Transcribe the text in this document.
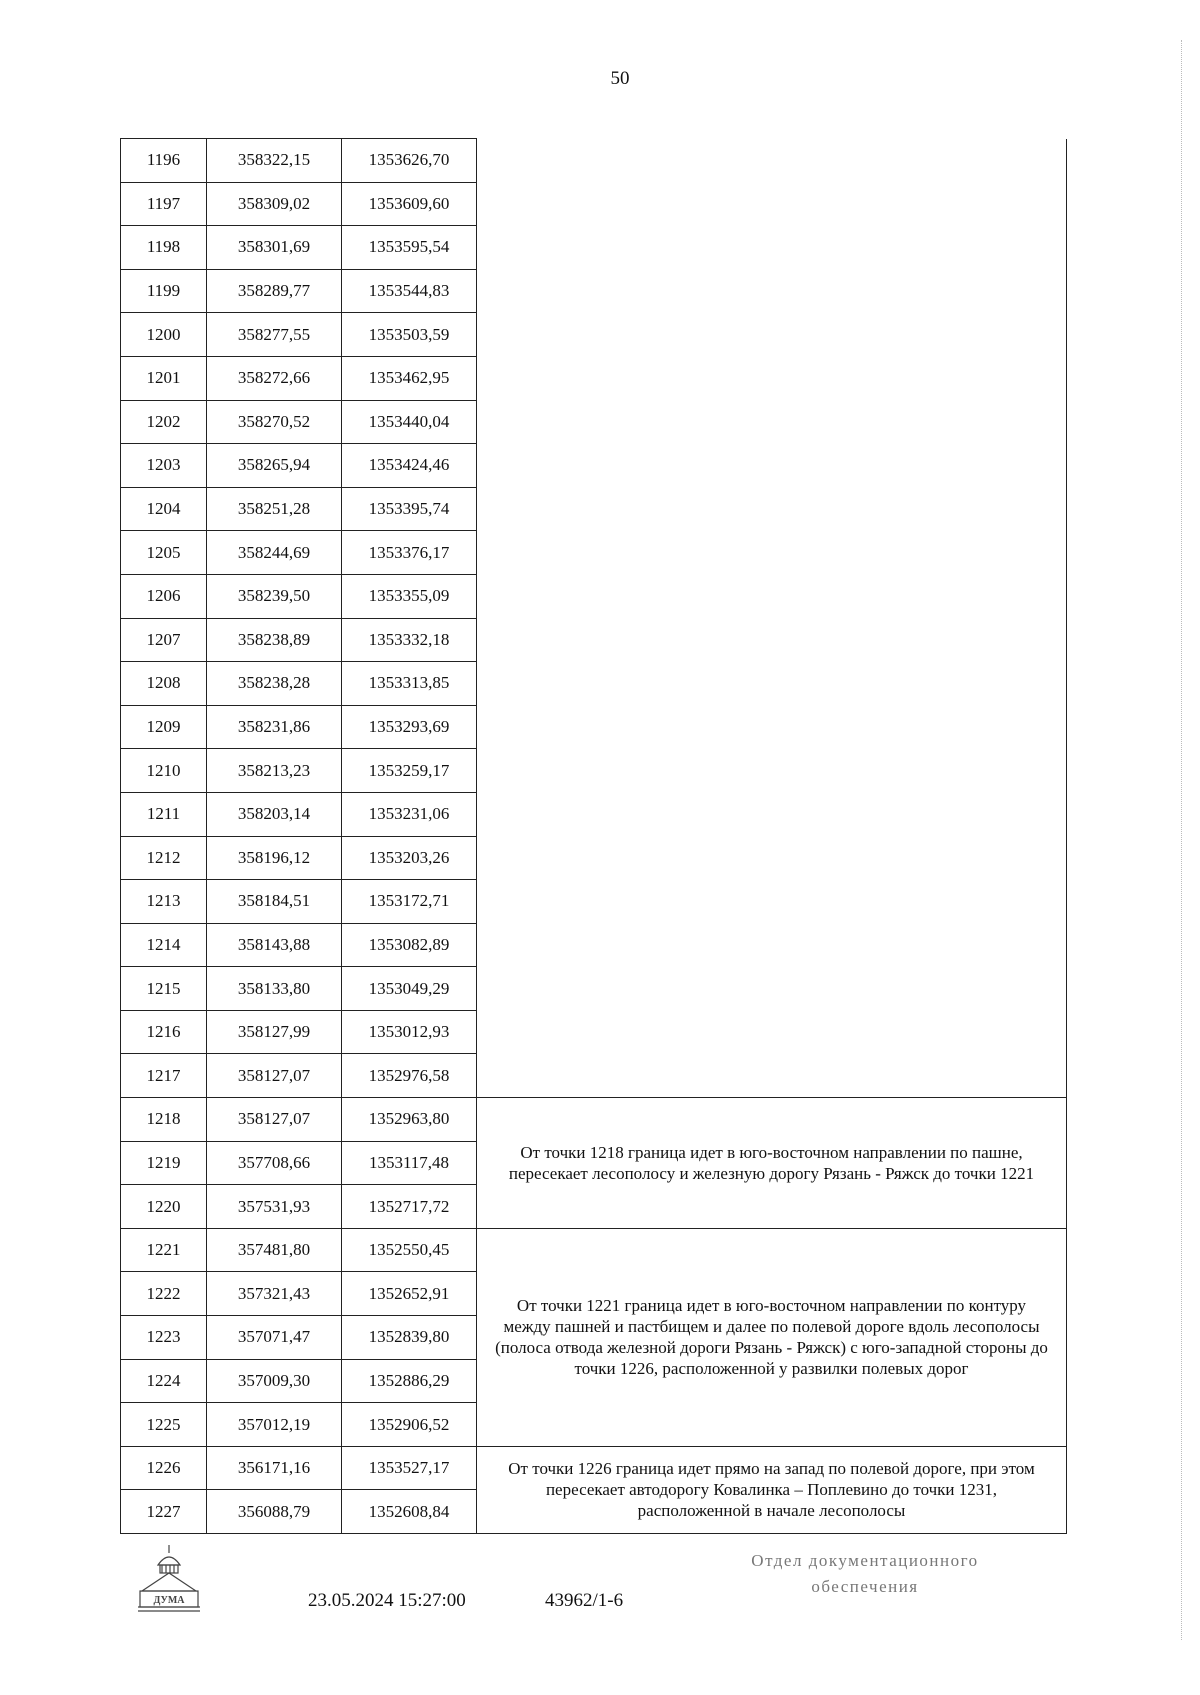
50
1196	358322,15	1353626,70	
1197	358309,02	1353609,60	
1198	358301,69	1353595,54	
1199	358289,77	1353544,83	
1200	358277,55	1353503,59	
1201	358272,66	1353462,95	
1202	358270,52	1353440,04	
1203	358265,94	1353424,46	
1204	358251,28	1353395,74	
1205	358244,69	1353376,17	
1206	358239,50	1353355,09	
1207	358238,89	1353332,18	
1208	358238,28	1353313,85	
1209	358231,86	1353293,69	
1210	358213,23	1353259,17	
1211	358203,14	1353231,06	
1212	358196,12	1353203,26	
1213	358184,51	1353172,71	
1214	358143,88	1353082,89	
1215	358133,80	1353049,29	
1216	358127,99	1353012,93	
1217	358127,07	1352976,58	
1218	358127,07	1352963,80	От точки 1218 граница идет в юго-восточном направлении по пашне, пересекает лесополосу и железную дорогу Рязань - Ряжск до точки 1221
1219	357708,66	1353117,48	
1220	357531,93	1352717,72	
1221	357481,80	1352550,45	От точки 1221 граница идет в юго-восточном направлении по контуру между пашней и пастбищем и далее по полевой дороге вдоль лесополосы (полоса отвода железной дороги Рязань - Ряжск) с юго-западной стороны до точки 1226, расположенной у развилки полевых дорог
1222	357321,43	1352652,91	
1223	357071,47	1352839,80	
1224	357009,30	1352886,29	
1225	357012,19	1352906,52	
1226	356171,16	1353527,17	От точки 1226 граница идет прямо на запад по полевой дороге, при этом пересекает автодорогу Ковалинка – Поплевино до точки 1231, расположенной в начале лесополосы
1227	356088,79	1352608,84	
ДУМА	23.05.2024 15:27:00	43962/1-6
Отдел документационного
обеспечения
